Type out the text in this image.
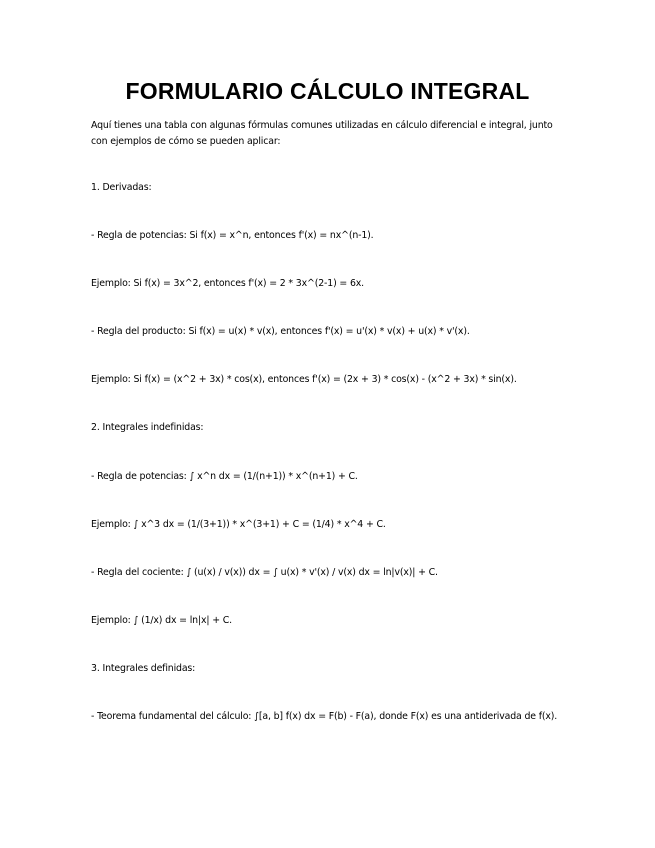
FORMULARIO CÁLCULO INTEGRAL
Aquí tienes una tabla con algunas fórmulas comunes utilizadas en cálculo diferencial e integral, junto con ejemplos de cómo se pueden aplicar:
1. Derivadas:
- Regla de potencias: Si f(x) = x^n, entonces f'(x) = nx^(n-1).
Ejemplo: Si f(x) = 3x^2, entonces f'(x) = 2 * 3x^(2-1) = 6x.
- Regla del producto: Si f(x) = u(x) * v(x), entonces f'(x) = u'(x) * v(x) + u(x) * v'(x).
Ejemplo: Si f(x) = (x^2 + 3x) * cos(x), entonces f'(x) = (2x + 3) * cos(x) - (x^2 + 3x) * sin(x).
2. Integrales indefinidas:
- Regla de potencias: ∫ x^n dx = (1/(n+1)) * x^(n+1) + C.
Ejemplo: ∫ x^3 dx = (1/(3+1)) * x^(3+1) + C = (1/4) * x^4 + C.
- Regla del cociente: ∫ (u(x) / v(x)) dx = ∫ u(x) * v'(x) / v(x) dx = ln|v(x)| + C.
Ejemplo: ∫ (1/x) dx = ln|x| + C.
3. Integrales definidas:
- Teorema fundamental del cálculo: ∫[a, b] f(x) dx = F(b) - F(a), donde F(x) es una antiderivada de f(x).
